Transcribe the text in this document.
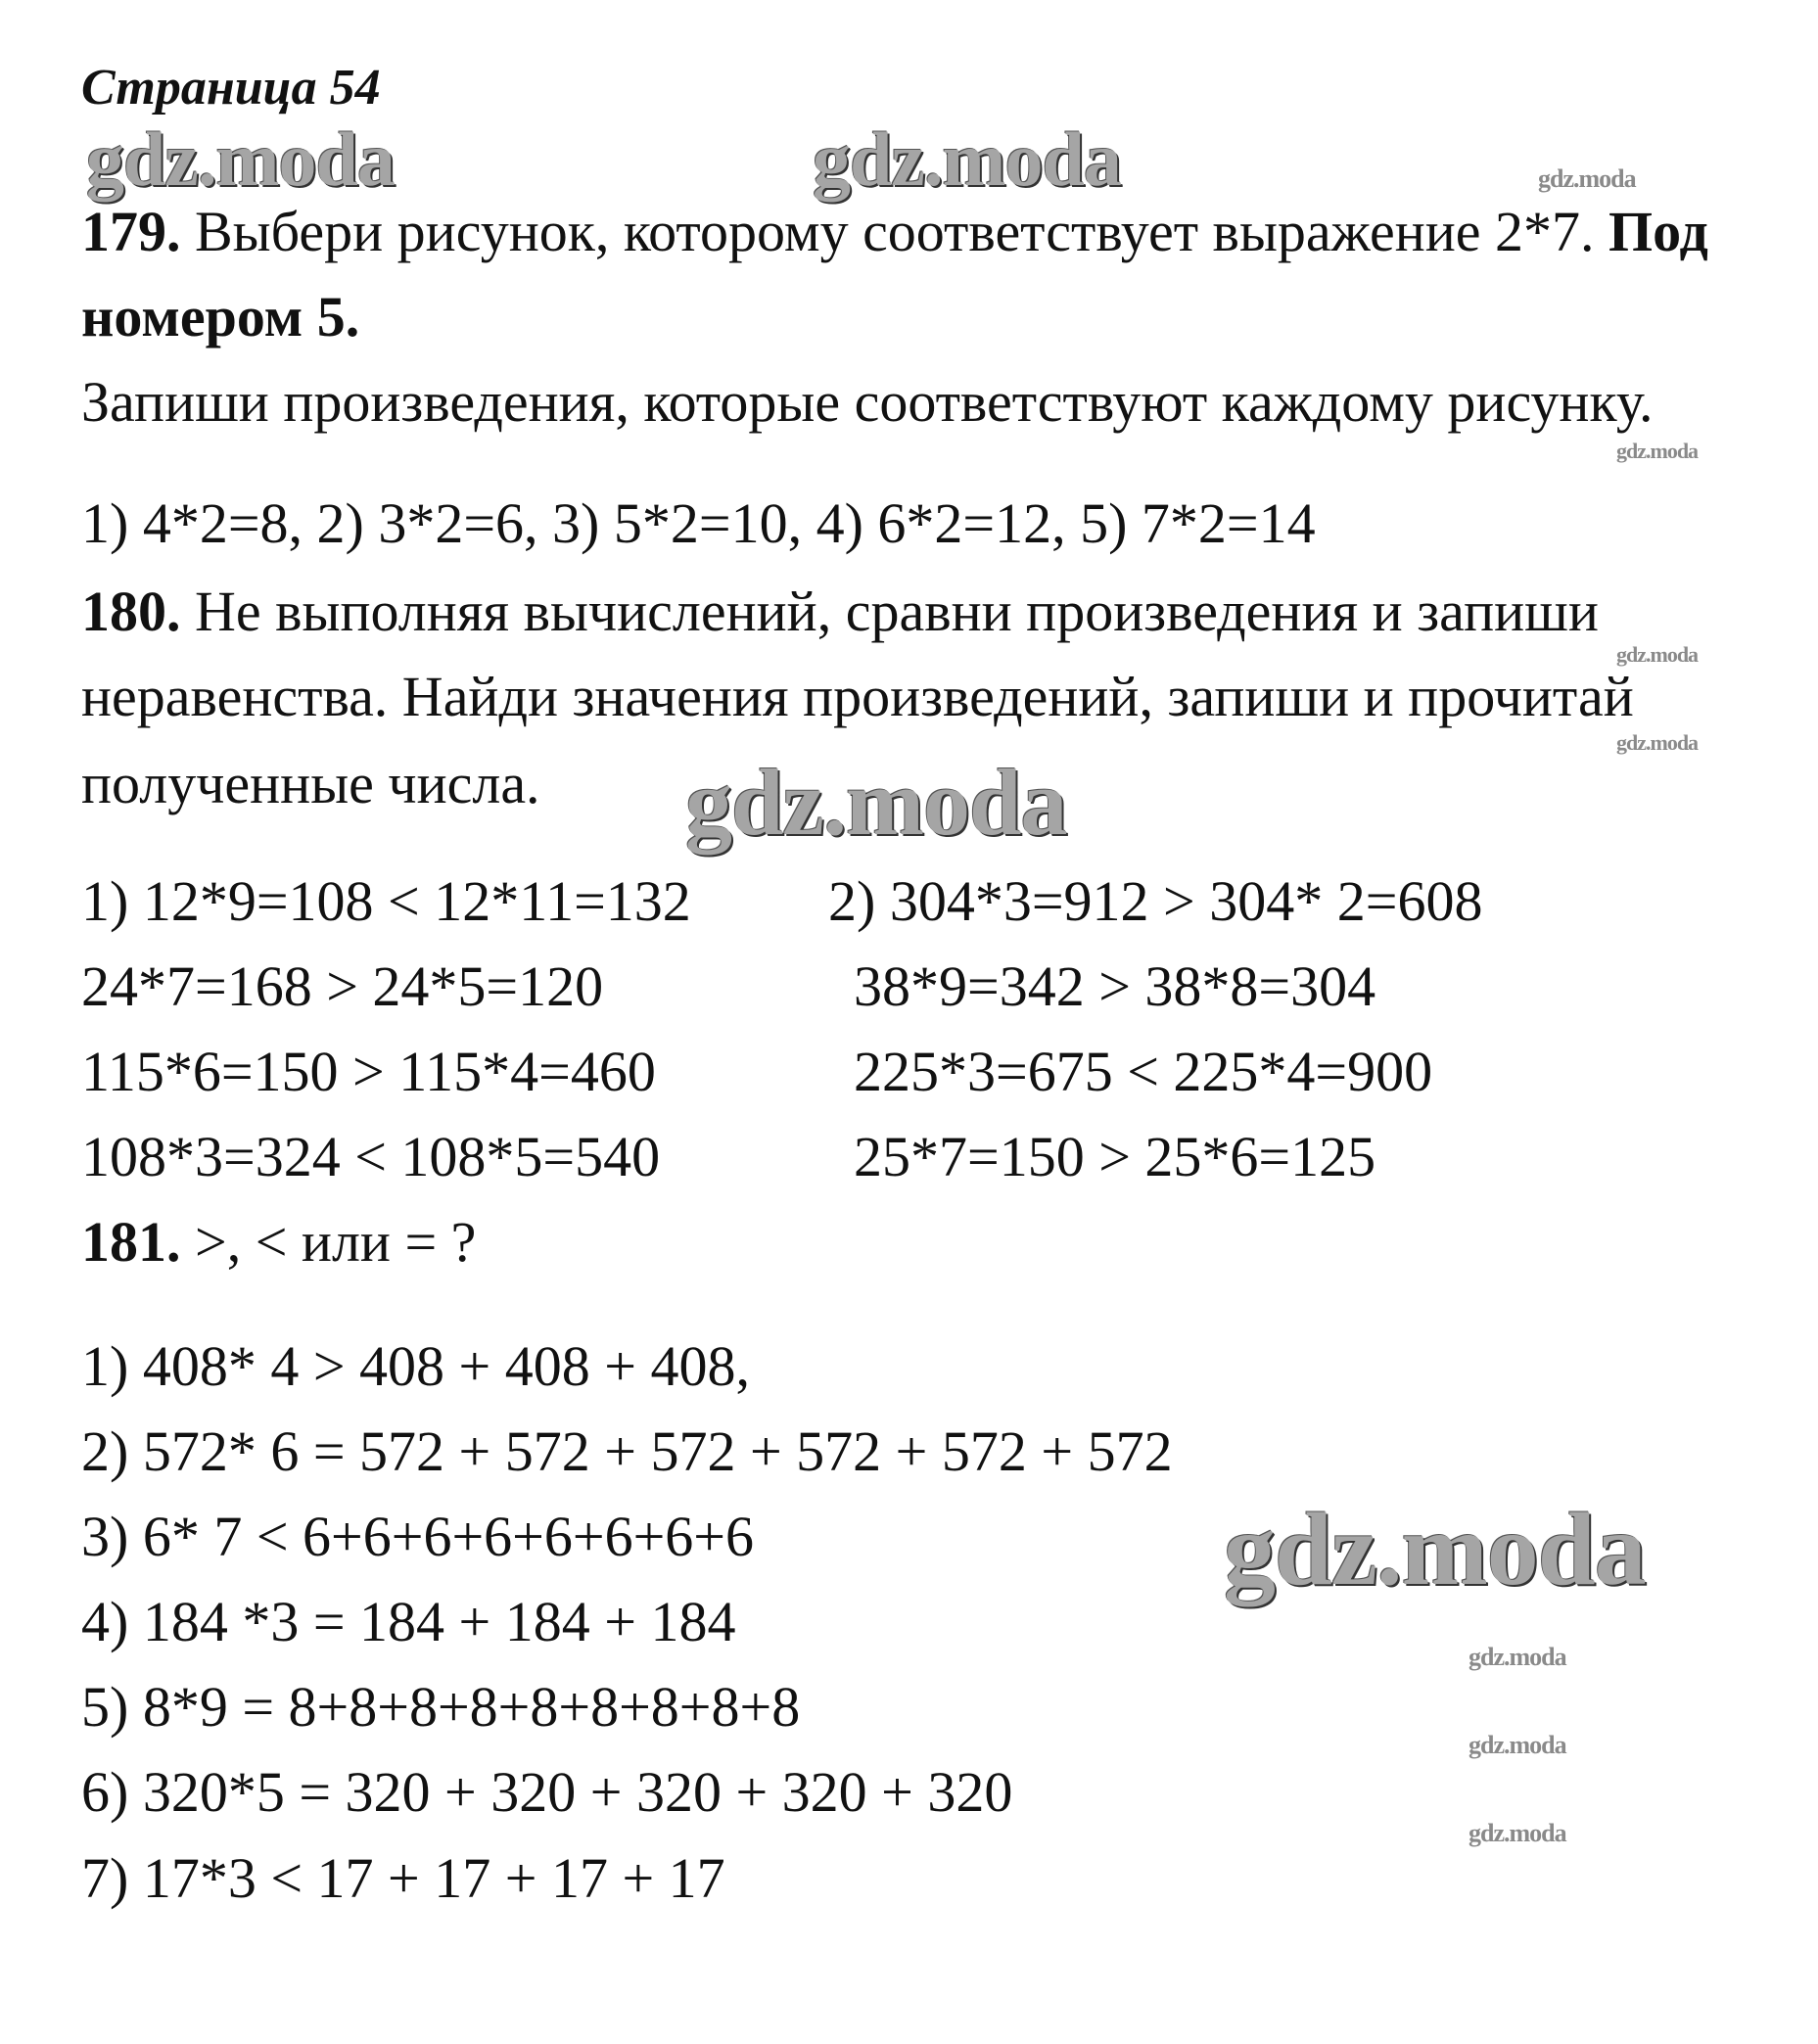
Страница 54
gdz.moda	gdz.moda	gdz.moda
gdz.moda
gdz.moda
gdz.moda
gdz.moda
gdz.moda
gdz.moda
gdz.moda
gdz.moda
179. Выбери рисунок, которому соответствует выражение 2*7. Под
номером 5.
Запиши произведения, которые соответствуют каждому рисунку.
1) 4*2=8, 2) 3*2=6, 3) 5*2=10, 4) 6*2=12, 5) 7*2=14
180. Не выполняя вычислений, сравни произведения и запиши
неравенства. Найди значения произведений, запиши и прочитай
полученные числа.
1) 12*9=108 < 12*11=132
24*7=168 > 24*5=120
115*6=150 > 115*4=460
108*3=324 < 108*5=540
2) 304*3=912 > 304* 2=608
38*9=342 > 38*8=304
225*3=675 < 225*4=900
25*7=150 > 25*6=125
181. >, < или = ?
1) 408* 4 > 408 + 408 + 408,
2) 572* 6 = 572 + 572 + 572 + 572 + 572 + 572
3) 6* 7 < 6+6+6+6+6+6+6+6
4) 184 *3 = 184 + 184 + 184
5) 8*9 = 8+8+8+8+8+8+8+8+8
6) 320*5 = 320 + 320 + 320 + 320 + 320
7) 17*3 < 17 + 17 + 17 + 17
